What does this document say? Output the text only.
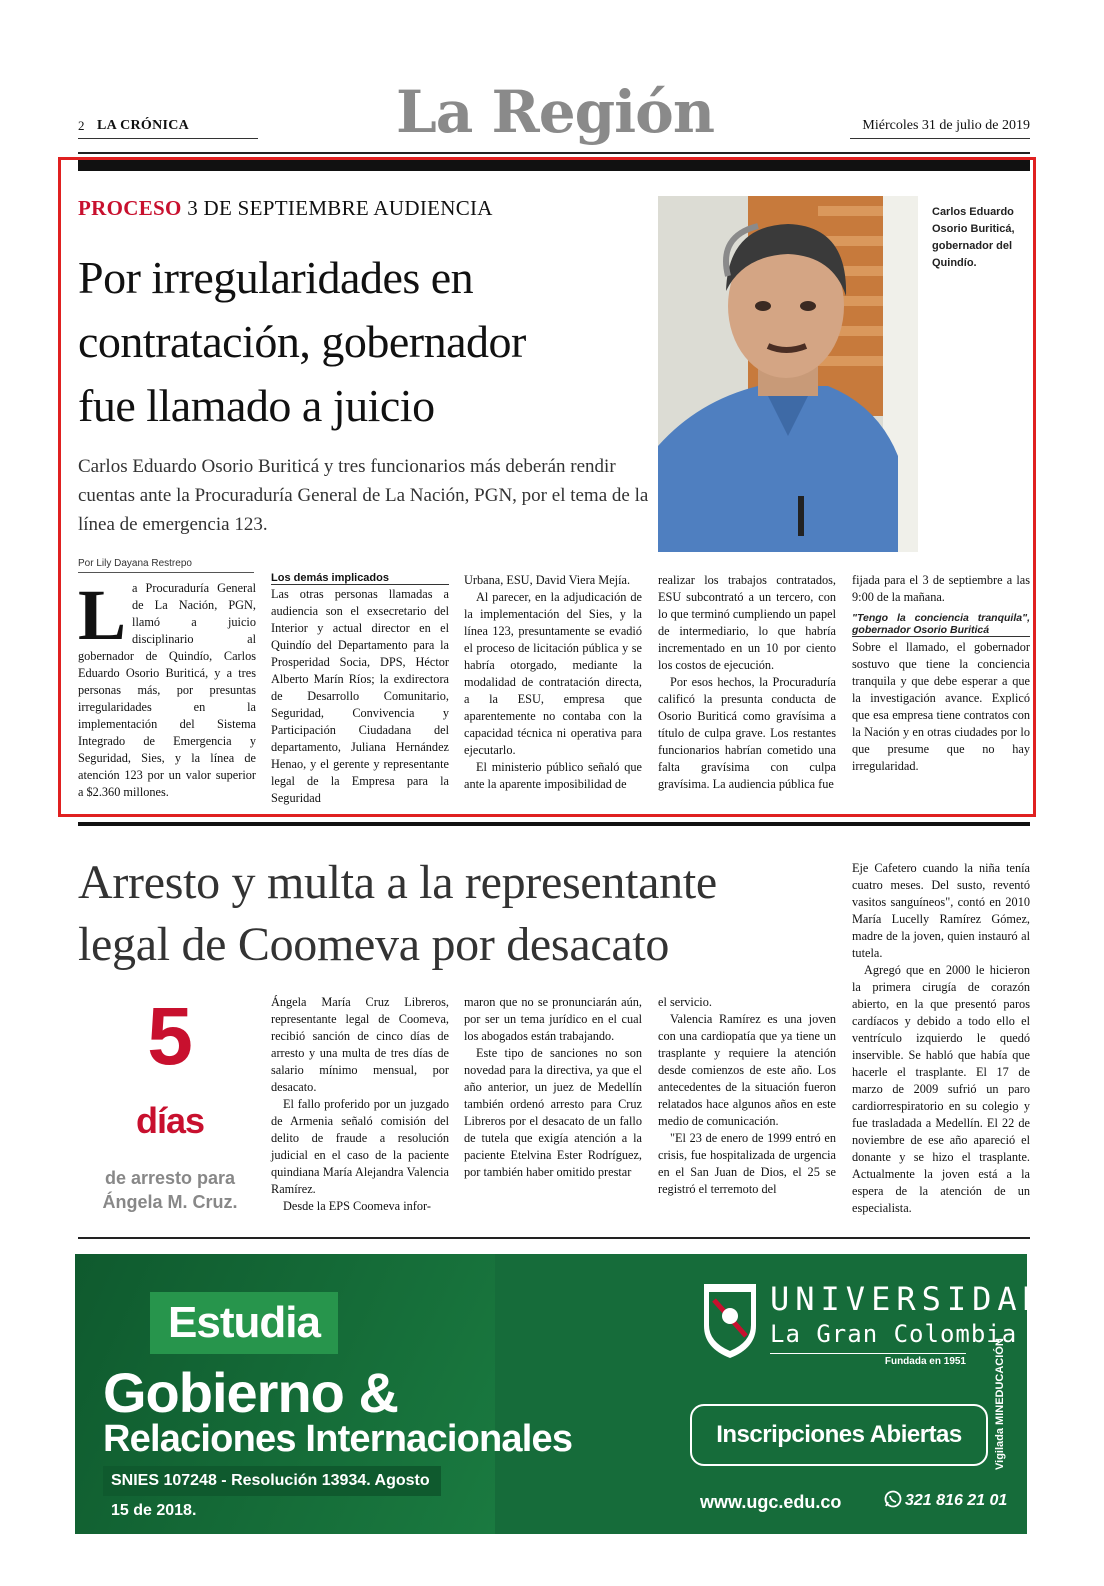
2 LA CRÓNICA	La Región	Miércoles 31 de julio de 2019
PROCESO 3 DE SEPTIEMBRE AUDIENCIA
Por irregularidades en
contratación, gobernador
fue llamado a juicio
Carlos Eduardo Osorio Buriticá y tres funcionarios más deberán rendir cuentas ante la Procuraduría General de La Nación, PGN, por el tema de la línea de emergencia 123.
Carlos Eduardo Osorio Buriticá, gobernador del Quindío.
Por Lily Dayana Restrepo
L a Procuraduría General de La Nación, PGN, llamó a juicio disciplinario al gobernador de Quindío, Carlos Eduardo Osorio Buriticá, y a tres personas más, por presuntas irregularidades en la implementación del Sistema Integrado de Emergencia y Seguridad, Sies, y la línea de atención 123 por un valor superior a $2.360 millones.
Los demás implicados

Las otras personas llamadas a audiencia son el exsecretario del Interior y actual director en el Quindío del Departamento para la Prosperidad Socia, DPS, Héctor Alberto Marín Ríos; la exdirectora de Desarrollo Comunitario, Seguridad, Convivencia y Participación Ciudadana del departamento, Juliana Hernández Henao, y el gerente y representante legal de la Empresa para la Seguridad

Urbana, ESU, David Viera Mejía.

Al parecer, en la adjudicación de la implementación del Sies, y la línea 123, presuntamente se evadió el proceso de licitación pública y se habría otorgado, mediante la modalidad de contratación directa, a la ESU, empresa que aparentemente no contaba con la capacidad técnica ni operativa para ejecutarlo.

El ministerio público señaló que ante la aparente imposibilidad de

realizar los trabajos contratados, ESU subcontrató a un tercero, con lo que terminó cumpliendo un papel de intermediario, lo que habría incrementado en un 10 por ciento los costos de ejecución.

Por esos hechos, la Procuraduría calificó la presunta conducta de Osorio Buriticá como gravísima a título de culpa grave. Los restantes funcionarios habrían cometido una falta gravísima con culpa gravísima. La audiencia pública fue

fijada para el 3 de septiembre a las 9:00 de la mañana.

"Tengo la conciencia tranquila", gobernador Osorio Buriticá

Sobre el llamado, el gobernador sostuvo que tiene la conciencia tranquila y que debe esperar a que la investigación avance. Explicó que esa empresa tiene contratos con la Nación y en otras ciudades por lo que presume que no hay irregularidad.

Arresto y multa a la representante
legal de Coomeva por desacato
5
días
de arresto para Ángela M. Cruz.

Ángela María Cruz Libreros, representante legal de Coomeva, recibió sanción de cinco días de arresto y una multa de tres días de salario mínimo mensual, por desacato.

El fallo proferido por un juzgado de Armenia señaló comisión del delito de fraude a resolución judicial en el caso de la paciente quindiana María Alejandra Valencia Ramírez.

Desde la EPS Coomeva infor-

maron que no se pronunciarán aún, por ser un tema jurídico en el cual los abogados están trabajando.

Este tipo de sanciones no son novedad para la directiva, ya que el año anterior, un juez de Medellín también ordenó arresto para Cruz Libreros por el desacato de un fallo de tutela que exigía atención a la paciente Etelvina Ester Rodríguez, por también haber omitido prestar

el servicio.

Valencia Ramírez es una joven con una cardiopatía que ya tiene un trasplante y requiere la atención desde comienzos de este año. Los antecedentes de la situación fueron relatados hace algunos años en este medio de comunicación.

"El 23 de enero de 1999 entró en crisis, fue hospitalizada de urgencia en el San Juan de Dios, el 25 se registró el terremoto del

Eje Cafetero cuando la niña tenía cuatro meses. Del susto, reventó vasitos sanguíneos", contó en 2010 María Lucelly Ramírez Gómez, madre de la joven, quien instauró al tutela.

Agregó que en 2000 le hicieron la primera cirugía de corazón abierto, en la que presentó paros cardíacos y debido a todo ello el ventrículo izquierdo le quedó inservible. Se habló que había que hacerle el trasplante. El 17 de marzo de 2009 sufrió un paro cardiorrespiratorio en su colegio y fue trasladada a Medellín. El 22 de noviembre de ese año apareció el donante y se hizo el trasplante. Actualmente la joven está a la espera de la atención de un especialista.

Estudia
Gobierno &
Relaciones Internacionales
SNIES 107248 - Resolución 13934. Agosto 15 de 2018.
UNIVERSIDAD
La Gran Colombia
Fundada en 1951
Inscripciones Abiertas
www.ugc.edu.co	321 816 21 01
Vigilada MINEDUCACIÓN
